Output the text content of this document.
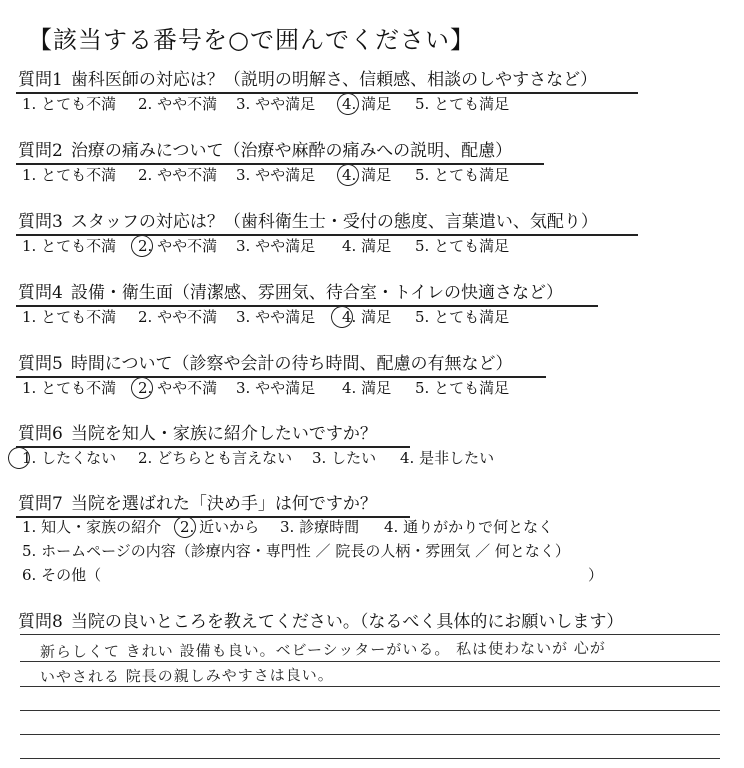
【該当する番号を○で囲んでください】
質問1 歯科医師の対応は？（説明の明解さ、信頼感、相談のしやすさなど）
1. とても不満 2. やや不満 3. やや満足 4. 満足 5. とても満足
質問2 治療の痛みについて（治療や麻酔の痛みへの説明、配慮）
1. とても不満 2. やや不満 3. やや満足 4. 満足 5. とても満足
質問3 スタッフの対応は？（歯科衛生士・受付の態度、言葉遣い、気配り）
1. とても不満 2. やや不満 3. やや満足 4. 満足 5. とても満足
質問4 設備・衛生面（清潔感、雰囲気、待合室・トイレの快適さなど）
1. とても不満 2. やや不満 3. やや満足 4. 満足 5. とても満足
質問5 時間について（診察や会計の待ち時間、配慮の有無など）
1. とても不満 2. やや不満 3. やや満足 4. 満足 5. とても満足
質問6 当院を知人・家族に紹介したいですか？
1. したくない 2. どちらとも言えない 3. したい 4. 是非したい
質問7 当院を選ばれた「決め手」は何ですか？
1. 知人・家族の紹介 2. 近いから 3. 診療時間 4. 通りがかりで何となく
5. ホームページの内容（診療内容・専門性 ／ 院長の人柄・雰囲気 ／ 何となく）
6. その他（	）
質問8 当院の良いところを教えてください。（なるべく具体的にお願いします）
新らしくて きれい 設備も良い。ベビーシッターがいる。 私は使わないが 心が
いやされる 院長の親しみやすさは良い。
